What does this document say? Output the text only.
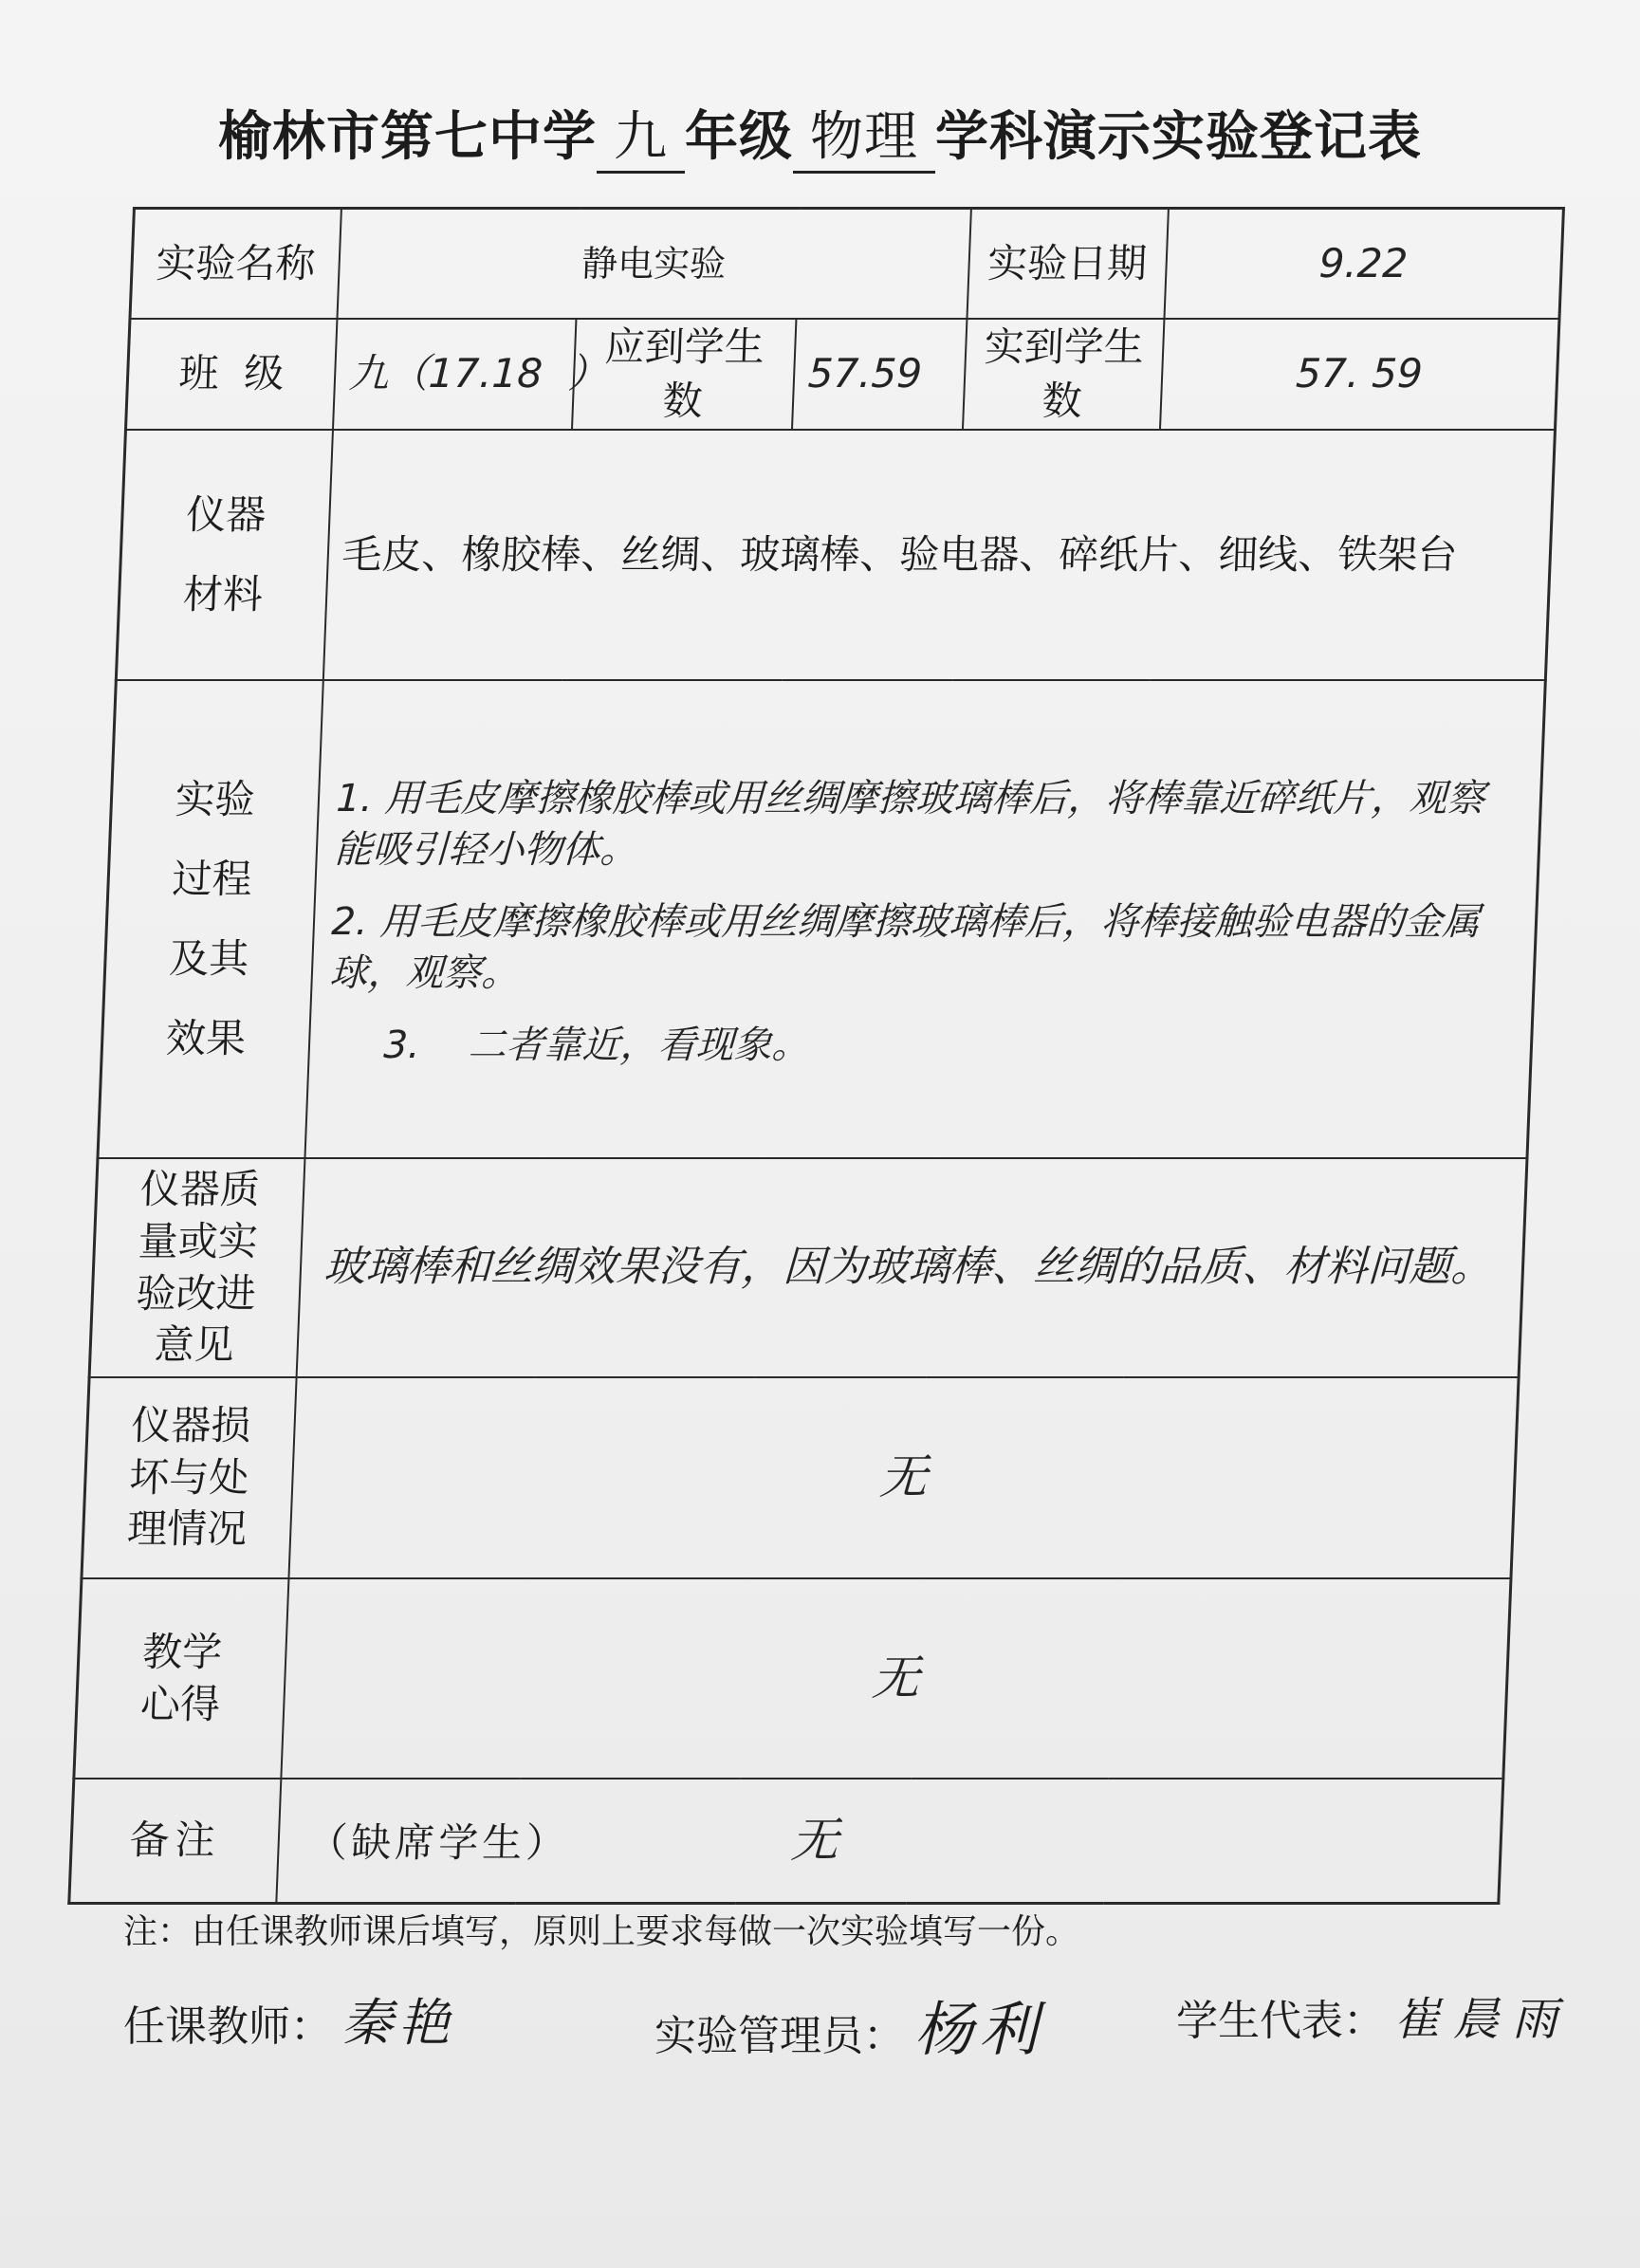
榆林市第七中学 九 年级 物理 学科演示实验登记表
实验名称	静电实验			实验日期	9.22
班  级	九（17.18  ）	应到学生数	57.59	实到学生数	57. 59
仪器材料	毛皮、橡胶棒、丝绸、玻璃棒、验电器、碎纸片、细线、铁架台				
实验过程及其效果	1. 用毛皮摩擦橡胶棒或用丝绸摩擦玻璃棒后，将棒靠近碎纸片，观察能吸引轻小物体。

2. 用毛皮摩擦橡胶棒或用丝绸摩擦玻璃棒后，将棒接触验电器的金属球，观察。

3.    二者靠近，看现象。				

仪器质量或实验改进意见	玻璃棒和丝绸效果没有，因为玻璃棒、丝绸的品质、材料问题。				
仪器损坏与处理情况	无				
教学心得	无				
备注	（缺席学生） 无				
注：由任课教师课后填写，原则上要求每做一次实验填写一份。
任课教师： 秦艳	实验管理员： 杨利	学生代表： 崔晨雨
